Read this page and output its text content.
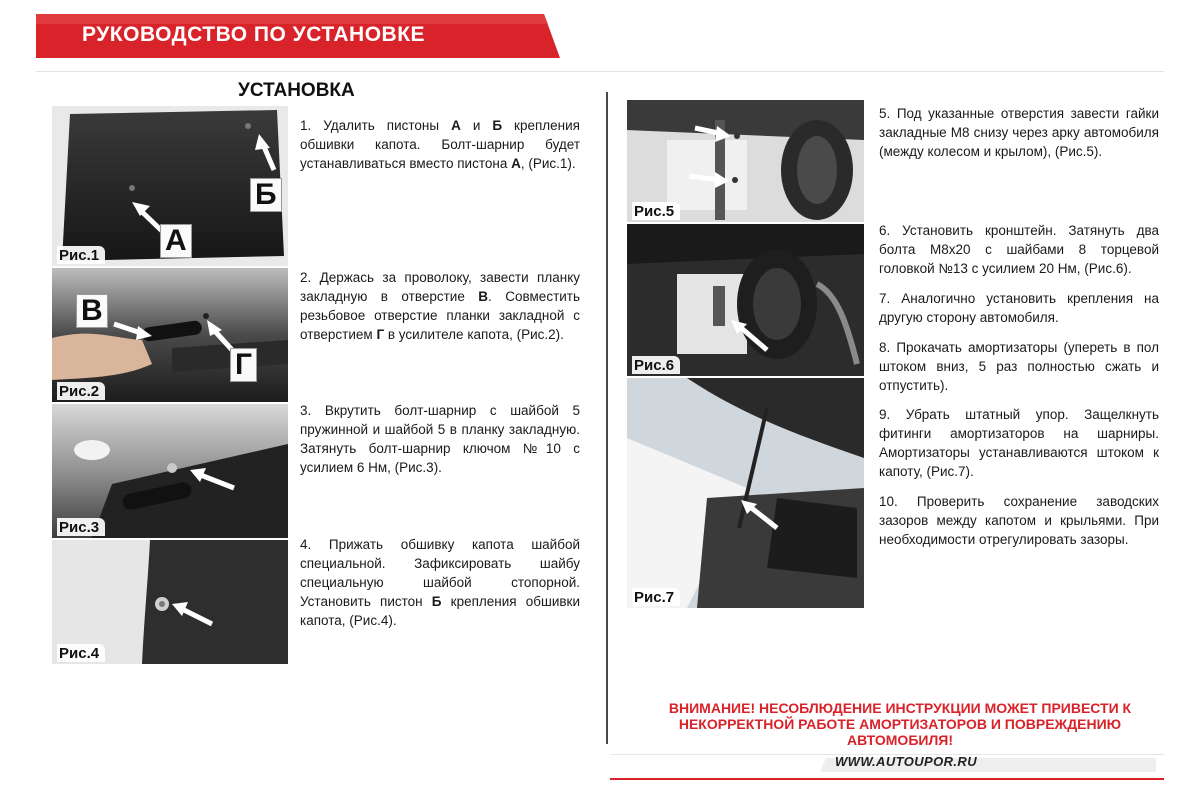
РУКОВОДСТВО ПО УСТАНОВКЕ
УСТАНОВКА
А
Б
Рис.1
В
Г
Рис.2
Рис.3
Рис.4
1. Удалить пистоны А и Б крепления обшивки капота. Болт-шарнир будет устанавливаться вместо пистона А, (Рис.1).
2. Держась за проволоку, завести планку закладную в отверстие В. Совместить резьбовое отверстие планки закладной с отверстием Г в усилителе капота, (Рис.2).
3. Вкрутить болт-шарнир с шайбой 5 пружинной и шайбой 5 в планку закладную. Затянуть болт-шарнир ключом №10 с усилием 6 Нм, (Рис.3).
4. Прижать обшивку капота шайбой специальной. Зафиксировать шайбу специальную шайбой стопорной. Установить пистон Б крепления обшивки капота, (Рис.4).
Рис.5
Рис.6
Рис.7
5. Под указанные отверстия завести гайки закладные М8 снизу через арку автомобиля (между колесом и крылом), (Рис.5).
6. Установить кронштейн. Затянуть два болта М8х20 с шайбами 8 торцевой головкой №13 с усилием 20 Нм, (Рис.6).
7. Аналогично установить крепления на другую сторону автомобиля.
8. Прокачать амортизаторы (упереть в пол штоком вниз, 5 раз полностью сжать и отпустить).
9. Убрать штатный упор. Защелкнуть фитинги амортизаторов на шарниры. Амортизаторы устанавливаются штоком к капоту, (Рис.7).
10. Проверить сохранение заводских зазоров между капотом и крыльями. При необходимости отрегулировать зазоры.
ВНИМАНИЕ! НЕСОБЛЮДЕНИЕ ИНСТРУКЦИИ МОЖЕТ ПРИВЕСТИ К
НЕКОРРЕКТНОЙ РАБОТЕ АМОРТИЗАТОРОВ И ПОВРЕЖДЕНИЮ
АВТОМОБИЛЯ!
WWW.AUTOUPOR.RU
